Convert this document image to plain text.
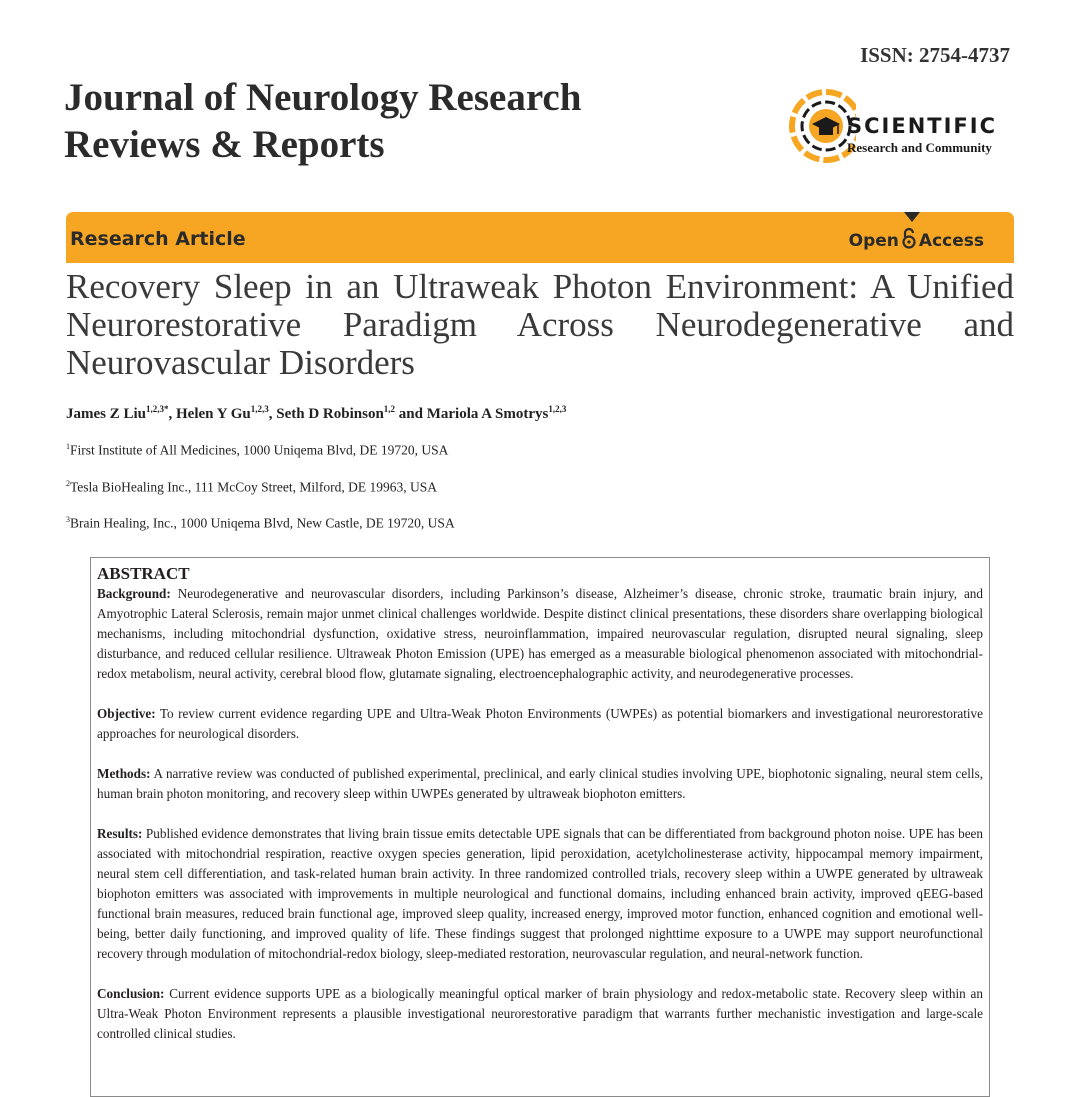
ISSN: 2754-4737
Journal of Neurology Research
Reviews & Reports	SCIENTIFIC
Research and Community
Research Article	Open Access
Recovery Sleep in an Ultraweak Photon Environment: A Unified Neurorestorative Paradigm Across Neurodegenerative and Neurovascular Disorders
James Z Liu$^{1,2,3*}$, Helen Y Gu$^{1,2,3}$, Seth D Robinson$^{1,2}$ and Mariola A Smotrys$^{1,2,3}$
$^1$First Institute of All Medicines, 1000 Uniqema Blvd, DE 19720, USA
$^2$Tesla BioHealing Inc., 111 McCoy Street, Milford, DE 19963, USA
$^3$Brain Healing, Inc., 1000 Uniqema Blvd, New Castle, DE 19720, USA
ABSTRACT

Background: Neurodegenerative and neurovascular disorders, including Parkinson’s disease, Alzheimer’s disease, chronic stroke, traumatic brain injury, and Amyotrophic Lateral Sclerosis, remain major unmet clinical challenges worldwide. Despite distinct clinical presentations, these disorders share overlapping biological mechanisms, including mitochondrial dysfunction, oxidative stress, neuroinflammation, impaired neurovascular regulation, disrupted neural signaling, sleep disturbance, and reduced cellular resilience. Ultraweak Photon Emission (UPE) has emerged as a measurable biological phenomenon associated with mitochondrial-redox metabolism, neural activity, cerebral blood flow, glutamate signaling, electroencephalographic activity, and neurodegenerative processes.

Objective: To review current evidence regarding UPE and Ultra-Weak Photon Environments (UWPEs) as potential biomarkers and investigational neurorestorative approaches for neurological disorders.

Methods: A narrative review was conducted of published experimental, preclinical, and early clinical studies involving UPE, biophotonic signaling, neural stem cells, human brain photon monitoring, and recovery sleep within UWPEs generated by ultraweak biophoton emitters.

Results: Published evidence demonstrates that living brain tissue emits detectable UPE signals that can be differentiated from background photon noise. UPE has been associated with mitochondrial respiration, reactive oxygen species generation, lipid peroxidation, acetylcholinesterase activity, hippocampal memory impairment, neural stem cell differentiation, and task-related human brain activity. In three randomized controlled trials, recovery sleep within a UWPE generated by ultraweak biophoton emitters was associated with improvements in multiple neurological and functional domains, including enhanced brain activity, improved qEEG-based functional brain measures, reduced brain functional age, improved sleep quality, increased energy, improved motor function, enhanced cognition and emotional well-being, better daily functioning, and improved quality of life. These findings suggest that prolonged nighttime exposure to a UWPE may support neurofunctional recovery through modulation of mitochondrial-redox biology, sleep-mediated restoration, neurovascular regulation, and neural-network function.

Conclusion: Current evidence supports UPE as a biologically meaningful optical marker of brain physiology and redox-metabolic state. Recovery sleep within an Ultra-Weak Photon Environment represents a plausible investigational neurorestorative paradigm that warrants further mechanistic investigation and large-scale controlled clinical studies.
